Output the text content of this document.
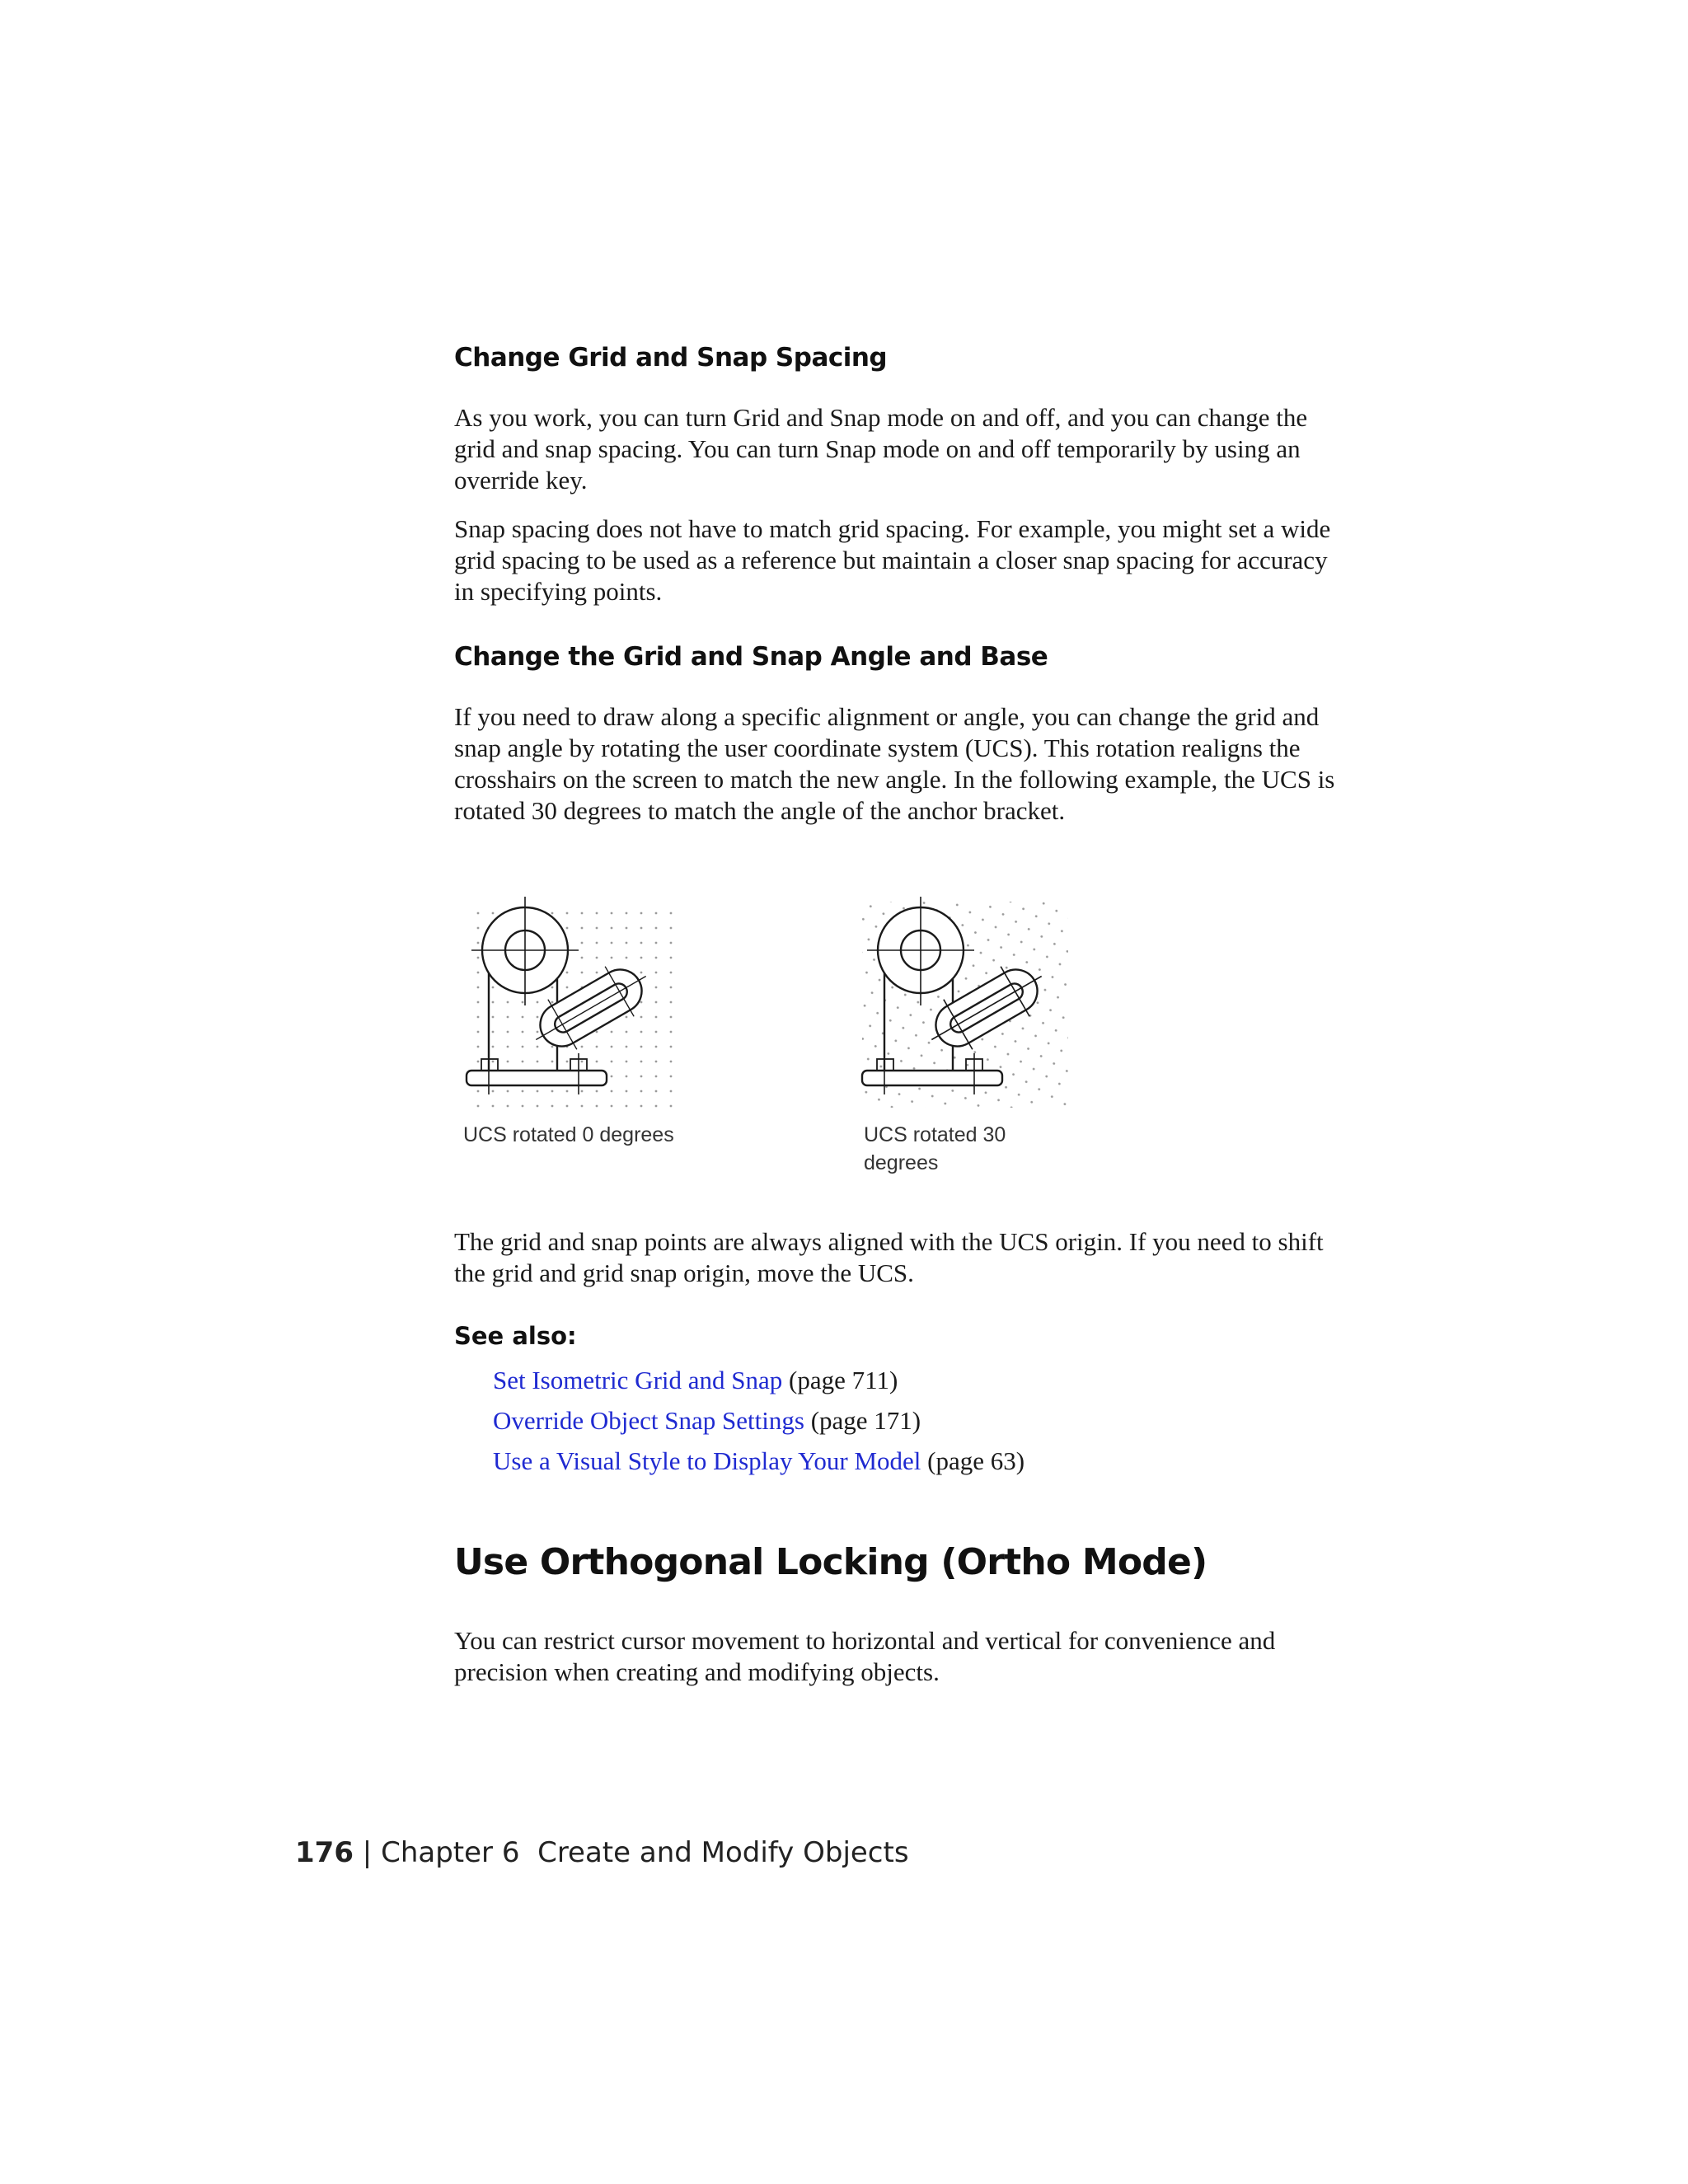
Change Grid and Snap Spacing

As you work, you can turn Grid and Snap mode on and off, and you can change the grid and snap spacing. You can turn Snap mode on and off temporarily by using an override key.

Snap spacing does not have to match grid spacing. For example, you might set a wide grid spacing to be used as a reference but maintain a closer snap spacing for accuracy in specifying points.

Change the Grid and Snap Angle and Base

If you need to draw along a specific alignment or angle, you can change the grid and snap angle by rotating the user coordinate system (UCS). This rotation realigns the crosshairs on the screen to match the new angle. In the following example, the UCS is rotated 30 degrees to match the angle of the anchor bracket.

UCS rotated 0 degrees	UCS rotated 30 degrees

The grid and snap points are always aligned with the UCS origin. If you need to shift the grid and grid snap origin, move the UCS.

See also:

Set Isometric Grid and Snap (page 711)

Override Object Snap Settings (page 171)

Use a Visual Style to Display Your Model (page 63)

Use Orthogonal Locking (Ortho Mode)

You can restrict cursor movement to horizontal and vertical for convenience and precision when creating and modifying objects.

176 | Chapter 6 Create and Modify Objects
